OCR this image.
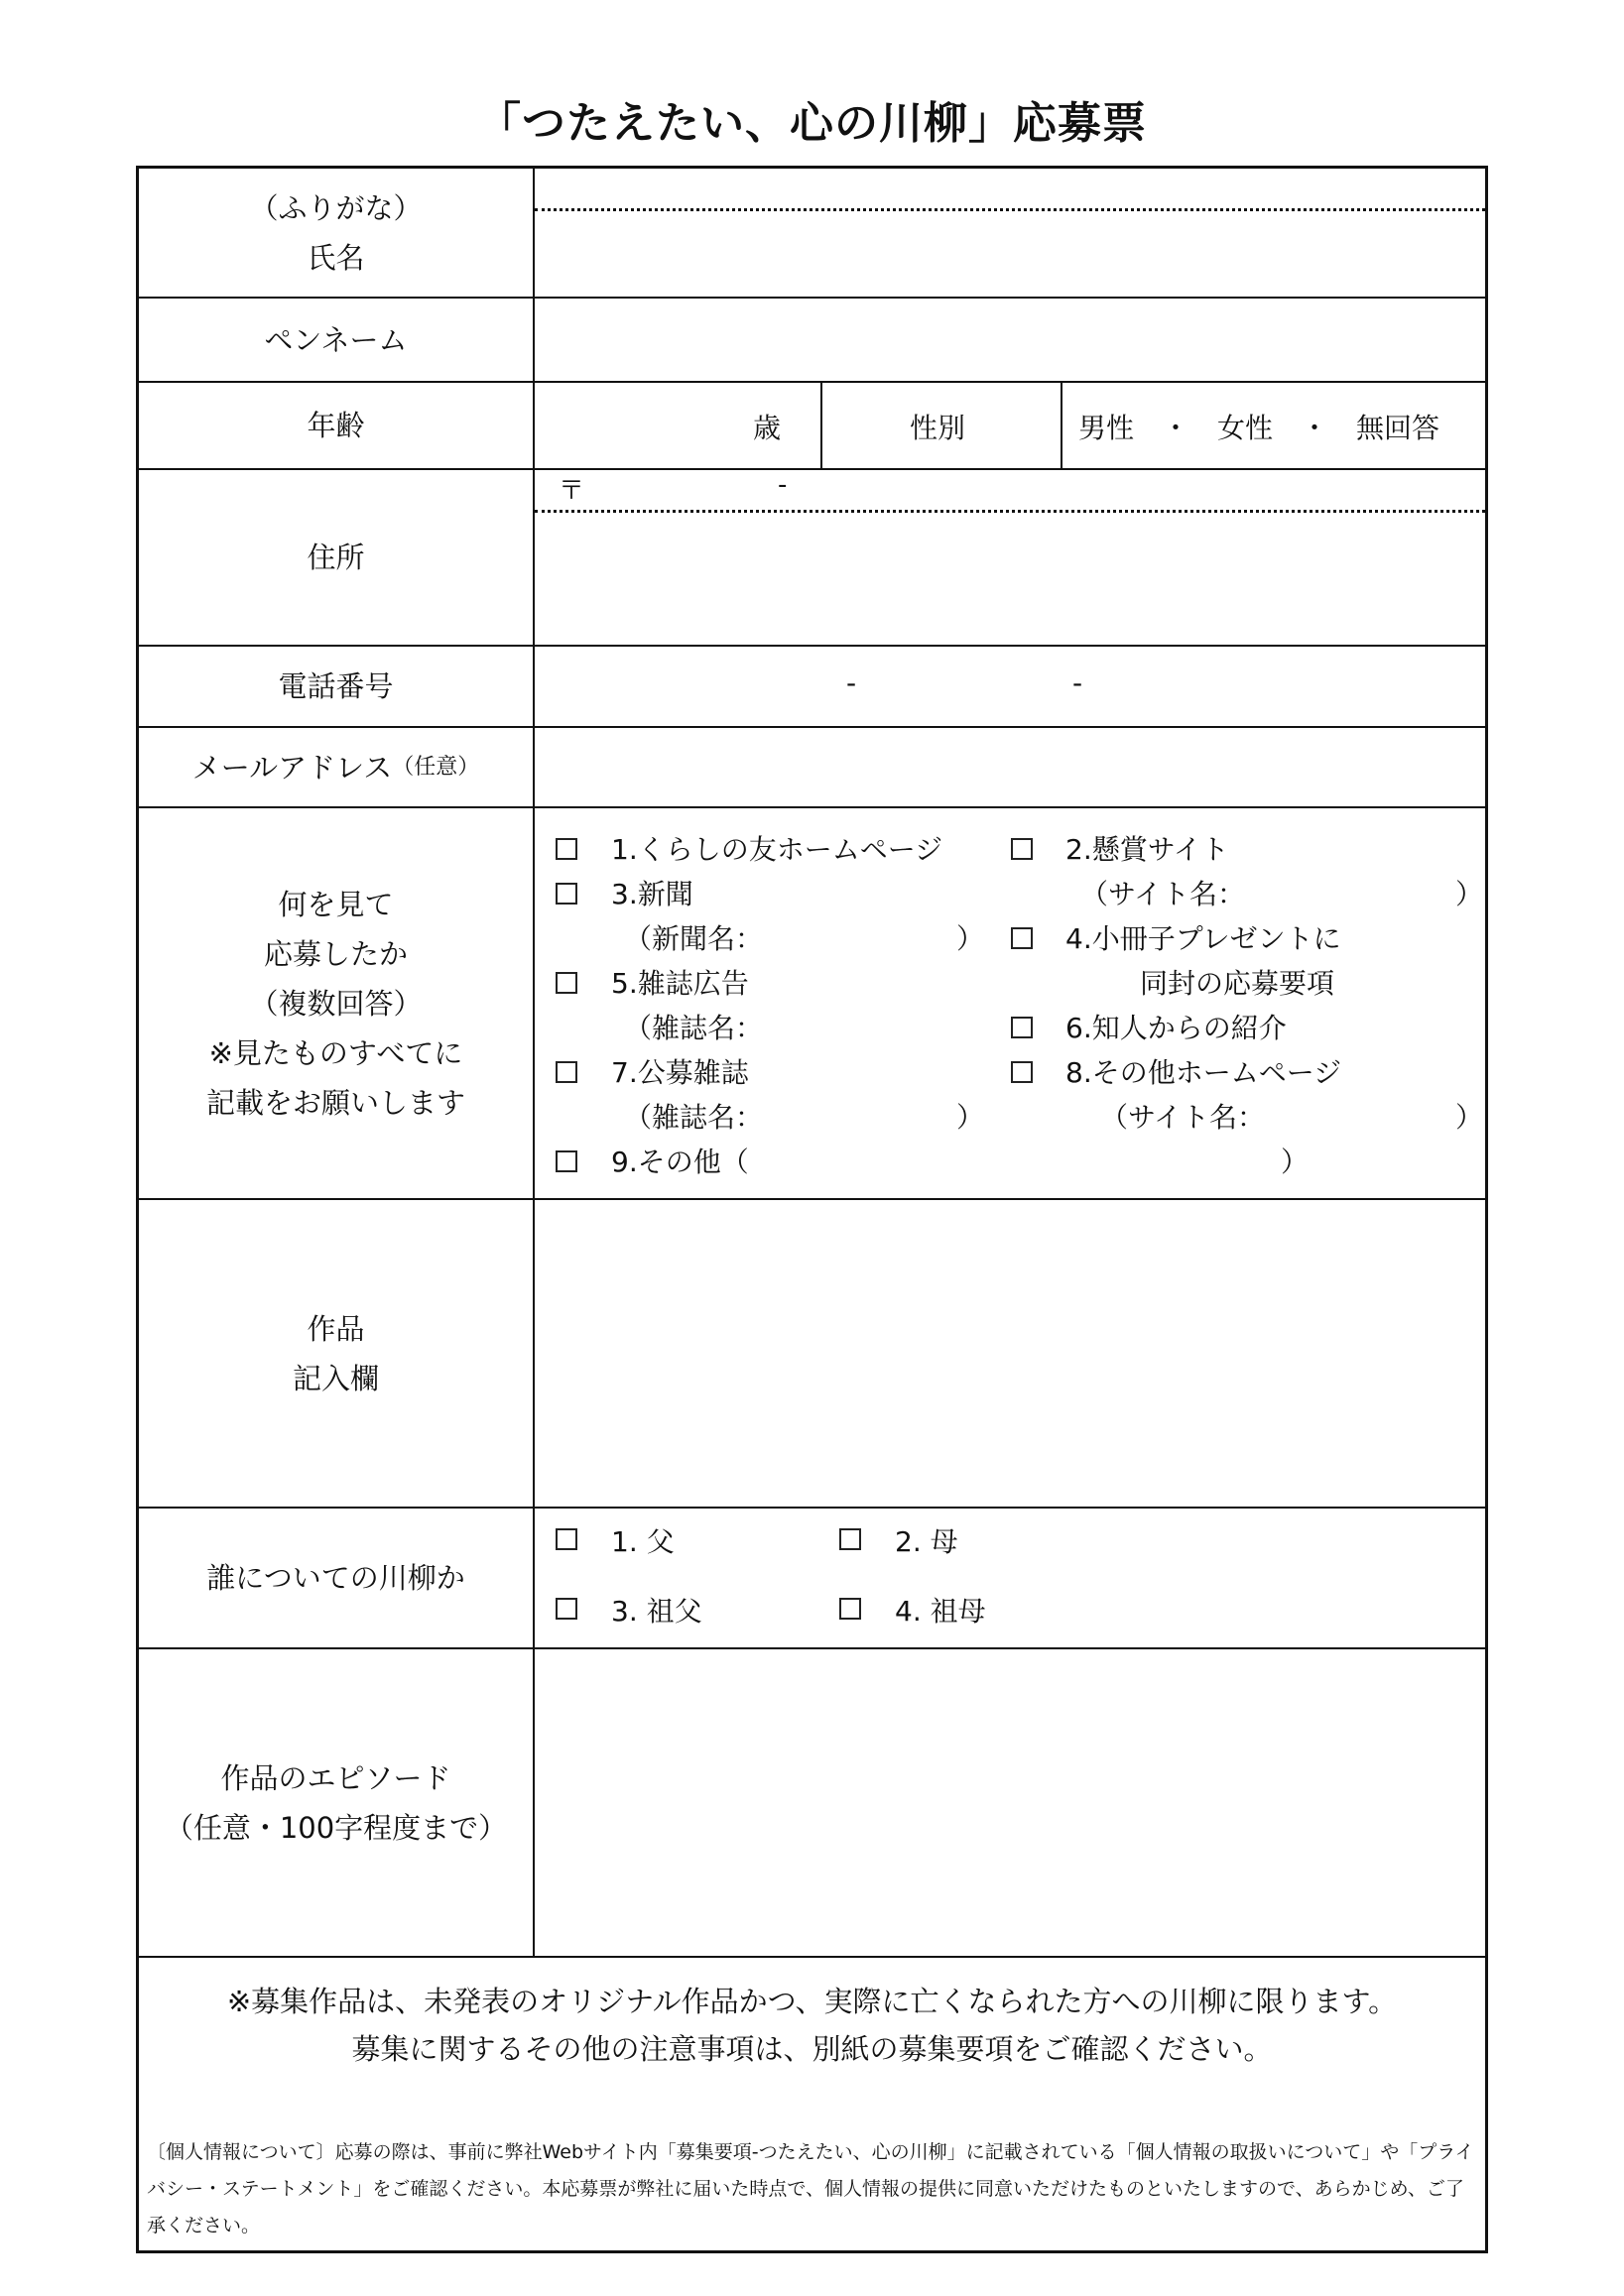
「つたえたい、心の川柳」応募票
（ふりがな）
氏名
ペンネーム
年齢	歳	性別	男性　・　女性　・　無回答
住所
〒	-
電話番号	-	-
メールアドレス （任意）
何を見て
応募したか
（複数回答）
※見たものすべてに
記載をお願いします
1.くらしの友ホームページ
3.新聞
（新聞名：	）
5.雑誌広告
（雑誌名：
7.公募雑誌
（雑誌名：	）
9.その他（	）
2.懸賞サイト
（サイト名：	）
4.小冊子プレゼントに
同封の応募要項
6.知人からの紹介
8.その他ホームページ
（サイト名：	）
作品
記入欄
誰についての川柳か
1. 父	2. 母
3. 祖父	4. 祖母
作品のエピソード
（任意・100字程度まで）
※募集作品は、未発表のオリジナル作品かつ、実際に亡くなられた方への川柳に限ります。
募集に関するその他の注意事項は、別紙の募集要項をご確認ください。
〔個人情報について〕応募の際は、事前に弊社Webサイト内「募集要項-つたえたい、心の川柳」に記載されている「個人情報の取扱いについて」や「プライバシー・ステートメント」をご確認ください。本応募票が弊社に届いた時点で、個人情報の提供に同意いただけたものといたしますので、あらかじめ、ご了承ください。
